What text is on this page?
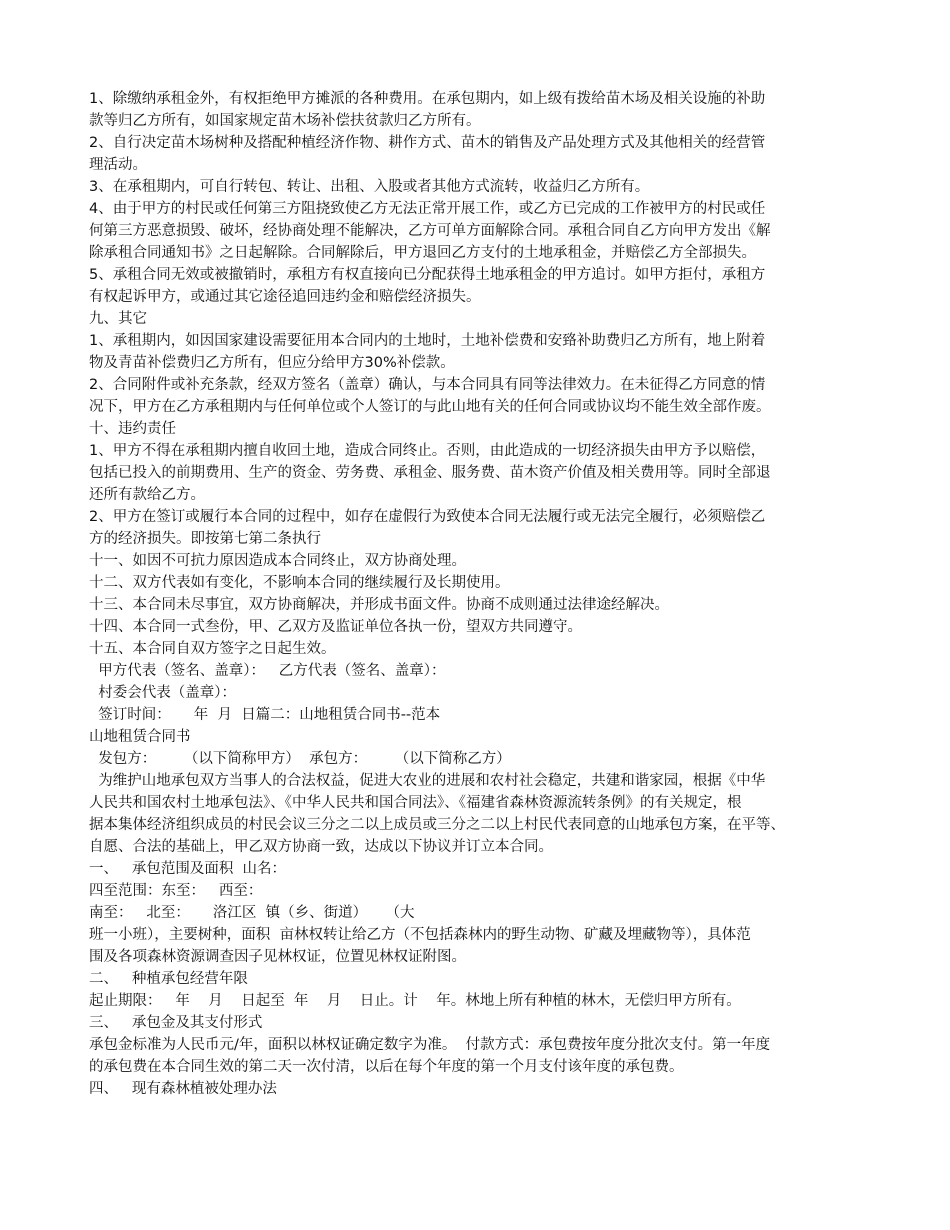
1、除缴纳承租金外，有权拒绝甲方摊派的各种费用。在承包期内，如上级有拨给苗木场及相关设施的补助
款等归乙方所有，如国家规定苗木场补偿扶贫款归乙方所有。
2、自行决定苗木场树种及搭配种植经济作物、耕作方式、苗木的销售及产品处理方式及其他相关的经营管
理活动。
3、在承租期内，可自行转包、转让、出租、入股或者其他方式流转，收益归乙方所有。
4、由于甲方的村民或任何第三方阻挠致使乙方无法正常开展工作，或乙方已完成的工作被甲方的村民或任
何第三方恶意损毁、破坏，经协商处理不能解决，乙方可单方面解除合同。承租合同自乙方向甲方发出《解
除承租合同通知书》之日起解除。合同解除后，甲方退回乙方支付的土地承租金，并赔偿乙方全部损失。
5、承租合同无效或被撤销时，承租方有权直接向已分配获得土地承租金的甲方追讨。如甲方拒付，承租方
有权起诉甲方，或通过其它途径追回违约金和赔偿经济损失。
九、其它
1、承租期内，如因国家建设需要征用本合同内的土地时，土地补偿费和安臵补助费归乙方所有，地上附着
物及青苗补偿费归乙方所有，但应分给甲方30%补偿款。
2、合同附件或补充条款，经双方签名（盖章）确认，与本合同具有同等法律效力。在未征得乙方同意的情
况下，甲方在乙方承租期内与任何单位或个人签订的与此山地有关的任何合同或协议均不能生效全部作废。
十、违约责任
1、甲方不得在承租期内擅自收回土地，造成合同终止。否则，由此造成的一切经济损失由甲方予以赔偿，
包括已投入的前期费用、生产的资金、劳务费、承租金、服务费、苗木资产价值及相关费用等。同时全部退
还所有款给乙方。
2、甲方在签订或履行本合同的过程中，如存在虚假行为致使本合同无法履行或无法完全履行，必须赔偿乙
方的经济损失。即按第七第二条执行
十一、如因不可抗力原因造成本合同终止，双方协商处理。
十二、双方代表如有变化，不影响本合同的继续履行及长期使用。
十三、本合同未尽事宜，双方协商解决，并形成书面文件。协商不成则通过法律途经解决。
十四、本合同一式叁份，甲、乙双方及监证单位各执一份，望双方共同遵守。
十五、本合同自双方签字之日起生效。
甲方代表（签名、盖章）：   乙方代表（签名、盖章）：
村委会代表（盖章）：
签订时间：     年  月  日篇二：山地租赁合同书--范本
山地租赁合同书
发包方：      （以下简称甲方）  承包方：      （以下简称乙方）
为维护山地承包双方当事人的合法权益，促进大农业的进展和农村社会稳定，共建和谐家园，根据《中华
人民共和国农村土地承包法》、《中华人民共和国合同法》、《福建省森林资源流转条例》的有关规定，根
据本集体经济组织成员的村民会议三分之二以上成员或三分之二以上村民代表同意的山地承包方案，在平等、
自愿、合法的基础上，甲乙双方协商一致，达成以下协议并订立本合同。
一、   承包范围及面积  山名：
四至范围：东至：   西至：
南至：   北至：     洛江区  镇（乡、街道）    （大
班一小班），主要树种，面积  亩林权转让给乙方（不包括森林内的野生动物、矿藏及埋藏物等），具体范
围及各项森林资源调查因子见林权证，位置见林权证附图。
二、   种植承包经营年限
起止期限：   年    月    日起至  年    月    日止。计    年。林地上所有种植的林木，无偿归甲方所有。
三、   承包金及其支付形式
承包金标准为人民币元/年，面积以林权证确定数字为准。  付款方式：承包费按年度分批次支付。第一年度
的承包费在本合同生效的第二天一次付清，以后在每个年度的第一个月支付该年度的承包费。
四、   现有森林植被处理办法
